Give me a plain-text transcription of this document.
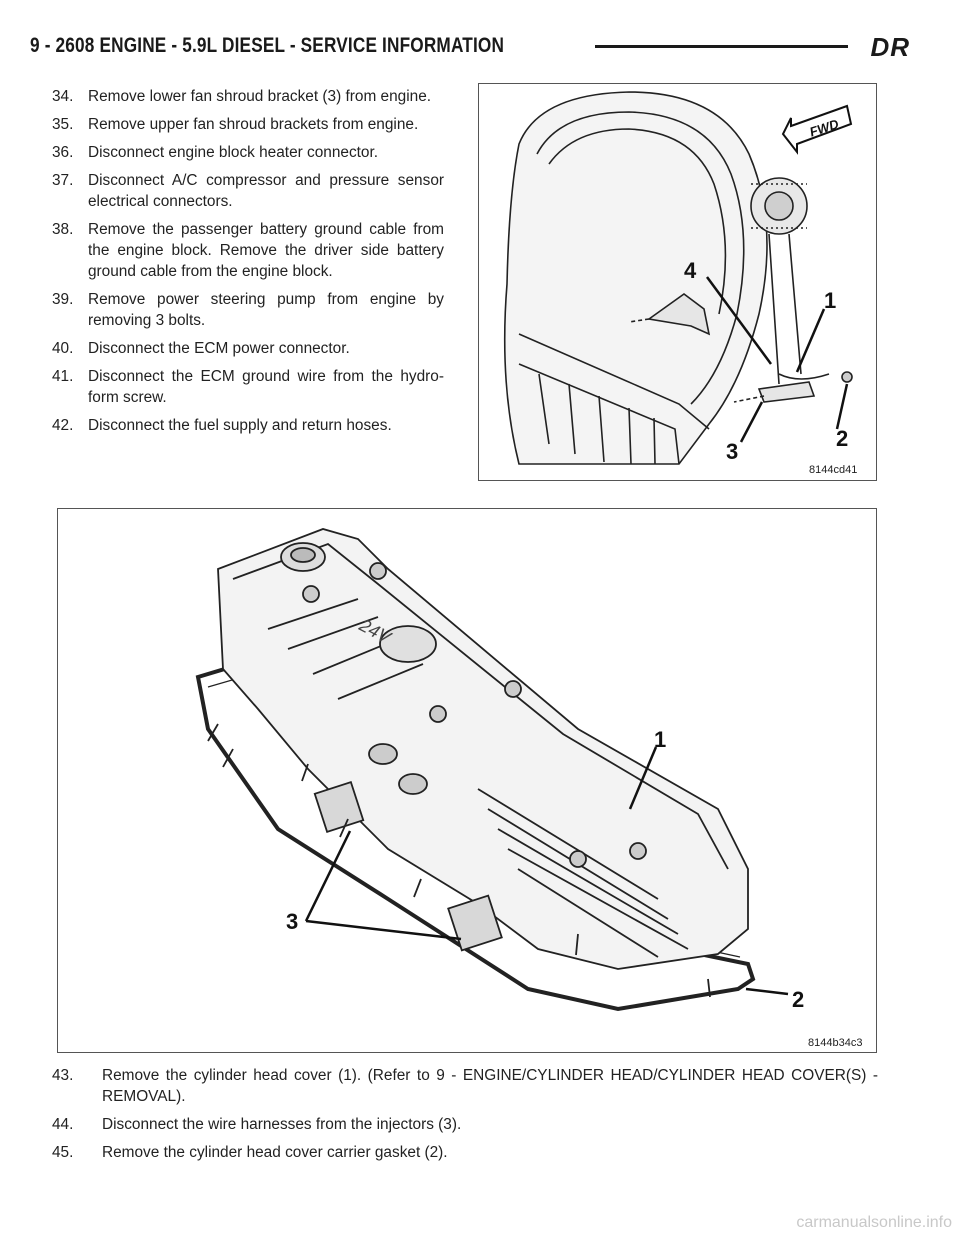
9 - 2608 ENGINE - 5.9L DIESEL - SERVICE INFORMATION	DR
34. Remove lower fan shroud bracket (3) from engine.
35. Remove upper fan shroud brackets from engine.
36. Disconnect engine block heater connector.
37. Disconnect A/C compressor and pressure sensor electrical connectors.
38. Remove the passenger battery ground cable from the engine block. Remove the driver side battery ground cable from the engine block.
39. Remove power steering pump from engine by removing 3 bolts.
40. Disconnect the ECM power connector.
41. Disconnect the ECM ground wire from the hydro-form screw.
42. Disconnect the fuel supply and return hoses.
FWD
4
1
3
2
8144cd41
24V
1
3
2
8144b34c3
43.	Remove the cylinder head cover (1). (Refer to 9 - ENGINE/CYLINDER HEAD/CYLINDER HEAD COVER(S) - REMOVAL).
44.	Disconnect the wire harnesses from the injectors (3).
45.	Remove the cylinder head cover carrier gasket (2).
carmanualsonline.info
